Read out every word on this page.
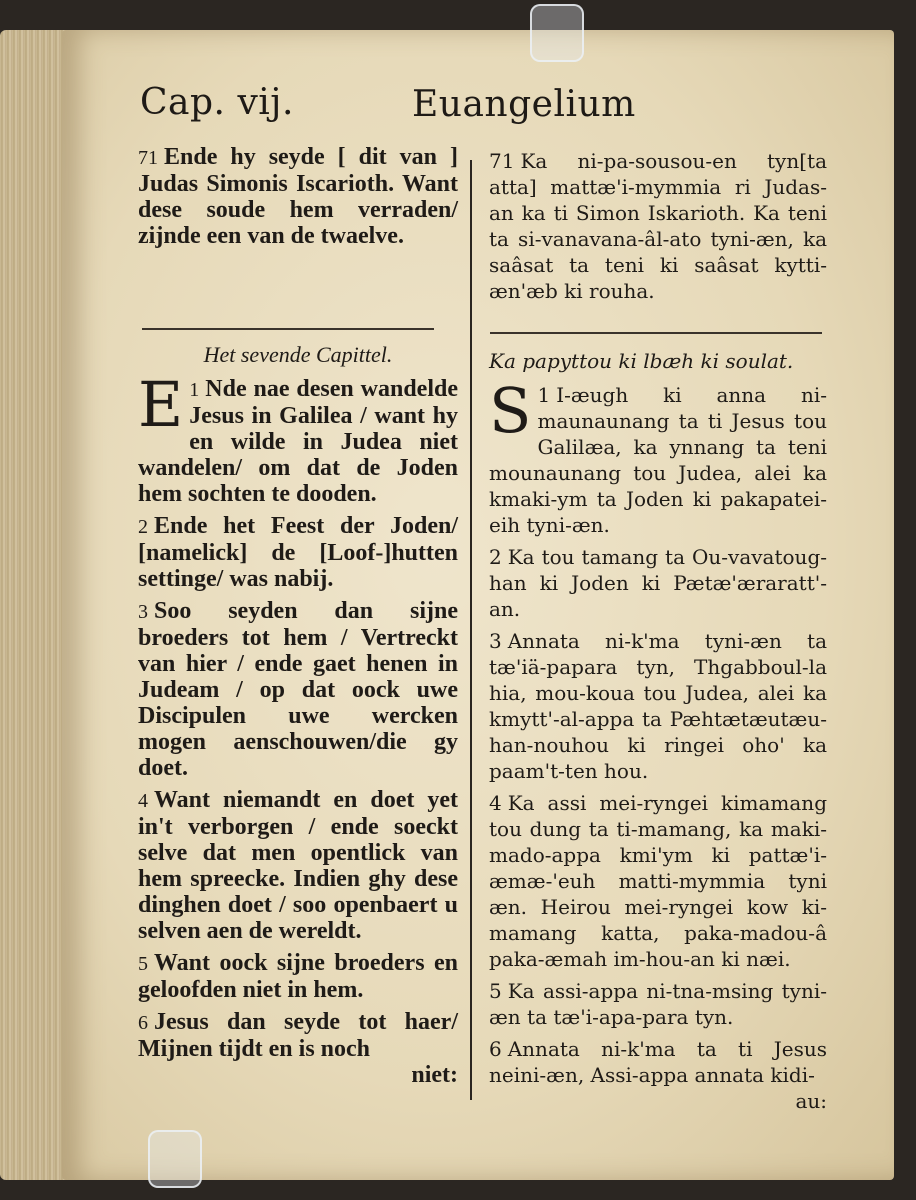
Cap. vij.	Euangelium

71 Ende hy seyde [ dit van ] Judas Simonis Iscarioth. Want dese soude hem verraden/ zijnde een van de twaelve.

Het sevende Capittel.

1
E Nde nae desen wandelde Jesus in Galilea / want hy en wilde in Judea niet wandelen/ om dat de Joden hem sochten te dooden.

2 Ende het Feest der Joden/ [namelick] de [Loof-]hutten settinge/ was nabij.

3 Soo seyden dan sijne broeders tot hem / Vertreckt van hier / ende gaet henen in Judeam / op dat oock uwe Discipulen uwe wercken mogen aenschouwen/die gy doet.

4 Want niemandt en doet yet in't verborgen / ende soeckt selve dat men opentlick van hem spreecke. Indien ghy dese dinghen doet / soo openbaert u selven aen de wereldt.

5 Want oock sijne broeders en geloofden niet in hem.

6 Jesus dan seyde tot haer/ Mijnen tijdt en is noch

niet:

71 Ka ni-pa-sousou-en tyn[ta atta] mattæ'i-mymmia ri Judas-an ka ti Simon Iskarioth. Ka teni ta si-vanavana-âl-ato tyni-æn, ka saâsat ta teni ki saâsat kytti-æn'æb ki rouha.

Ka papyttou ki lbæh ki soulat.

1
S I-æugh ki anna ni-maunaunang ta ti Jesus tou Galilæa, ka ynnang ta teni mounaunang tou Judea, alei ka kmaki-ym ta Joden ki pakapatei-eih tyni-æn.

2 Ka tou tamang ta Ou-vavatoug-han ki Joden ki Pætæ'æraratt'-an.

3 Annata ni-k'ma tyni-æn ta tæ'iä-papara tyn, Thgabboul-la hia, mou-koua tou Judea, alei ka kmytt'-al-appa ta Pæhtætæutæu-han-nouhou ki ringei oho' ka paam't-ten hou.

4 Ka assi mei-ryngei kimamang tou dung ta ti-mamang, ka maki-mado-appa kmi'ym ki pattæ'i-æmæ-'euh matti-mymmia tyni æn. Heirou mei-ryngei kow ki-mamang katta, paka-madou-â paka-æmah im-hou-an ki næi.

5 Ka assi-appa ni-tna-msing tyni-æn ta tæ'i-apa-para tyn.

6 Annata ni-k'ma ta ti Jesus neini-æn, Assi-appa annata kidi-

au:
